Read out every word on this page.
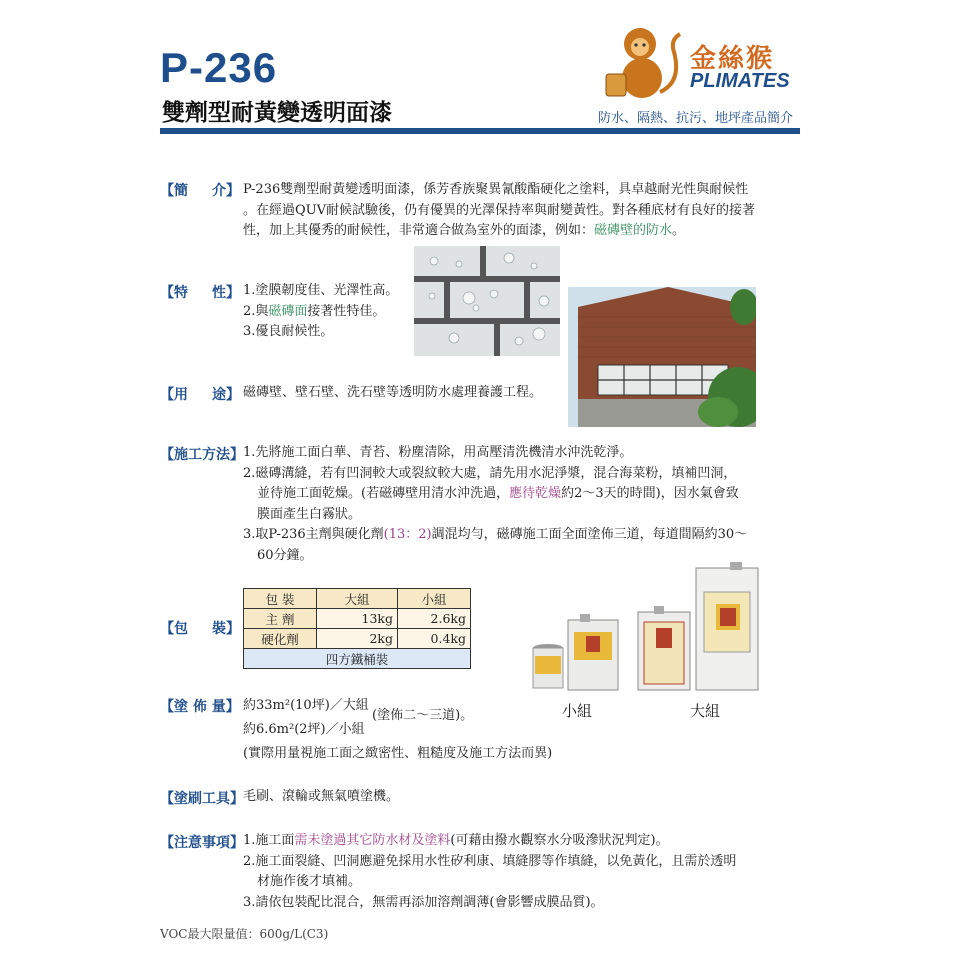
P-236
雙劑型耐黃變透明面漆
金絲猴
PLIMATES
防水、隔熱、抗污、地坪產品簡介
【簡 介】 P-236雙劑型耐黃變透明面漆，係芳香族聚異氰酸酯硬化之塗料，具卓越耐光性與耐候性
。在經過QUV耐候試驗後，仍有優異的光澤保持率與耐變黃性。對各種底材有良好的接著
性，加上其優秀的耐候性，非常適合做為室外的面漆，例如：磁磚壁的防水。
【特 性】 1.塗膜韌度佳、光澤性高。
2.與磁磚面接著性特佳。
3.優良耐候性。
【用 途】 磁磚壁、壁石壁、洗石壁等透明防水處理養護工程。
【施工方法】 1.先將施工面白華、青苔、粉塵清除，用高壓清洗機清水沖洗乾淨。
2.磁磚溝縫，若有凹洞較大或裂紋較大處，請先用水泥淨漿，混合海菜粉，填補凹洞，
並待施工面乾燥。(若磁磚壁用清水沖洗過，應待乾燥約2～3天的時間)，因水氣會致
膜面產生白霧狀。
3.取P-236主劑與硬化劑(13：2)調混均勻，磁磚施工面全面塗佈三道，每道間隔約30～
60分鐘。
【包 裝】
包 裝	大組	小組
主 劑	13kg	2.6kg
硬化劑	2kg	0.4kg
四方鐵桶裝		
小組	大組
【塗 佈 量】 約33m²(10坪)／大組
約6.6m²(2坪)／小組
(實際用量視施工面之緻密性、粗糙度及施工方法而異)
(塗佈二～三道)。
【塗刷工具】 毛刷、滾輪或無氣噴塗機。
【注意事項】 1.施工面需未塗過其它防水材及塗料(可藉由撥水觀察水分吸滲狀況判定)。
2.施工面裂縫、凹洞應避免採用水性矽利康、填縫膠等作填縫，以免黃化，且需於透明
材施作後才填補。
3.請依包裝配比混合，無需再添加溶劑調薄(會影響成膜品質)。
VOC最大限量值：600g/L(C3)
